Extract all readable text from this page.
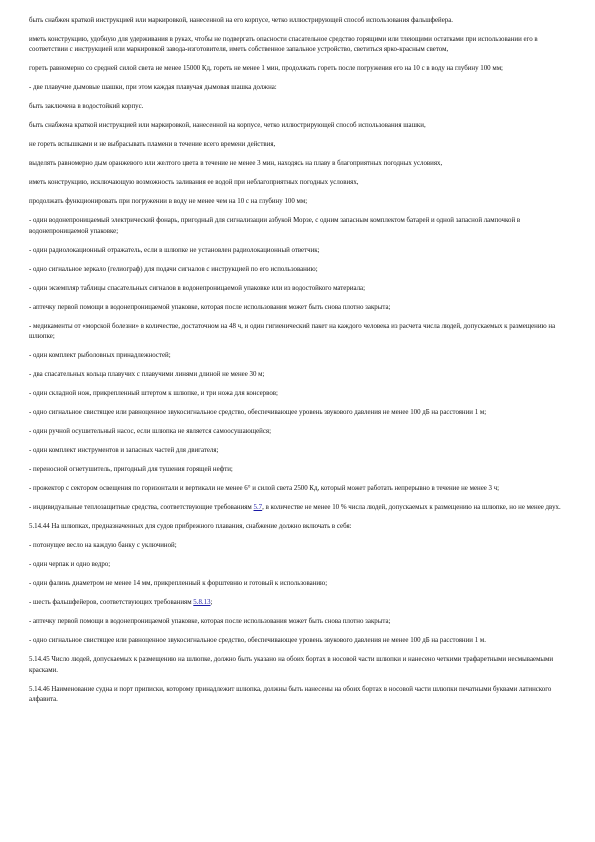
быть снабжен краткой инструкцией или маркировкой, нанесенной на его корпусе, четко иллюстрирующей способ использования фальшфейера.

иметь конструкцию, удобную для удерживания в руках, чтобы не подвергать опасности спасательное средство горящими или тлеющими остатками при использовании его в соответствии с инструкцией или маркировкой завода-изготовителя, иметь собственное запальное устройство, светиться ярко-красным светом,

гореть равномерно со средней силой света не менее 15000 Кд, гореть не менее 1 мин, продолжать гореть после погружения его на 10 с в воду на глубину 100 мм;

- две плавучие дымовые шашки, при этом каждая плавучая дымовая шашка должна:

быть заключена в водостойкий корпус.

быть снабжена краткой инструкцией или маркировкой, нанесенной на корпусе, четко иллюстрирующей способ использования шашки,

не гореть вспышками и не выбрасывать пламени в течение всего времени действия,

выделять равномерно дым оранжевого или желтого цвета в течение не менее 3 мин, находясь на плаву в благоприятных погодных условиях,

иметь конструкцию, исключающую возможность заливания ее водой при неблагоприятных погодных условиях,

продолжать функционировать при погружении в воду не менее чем на 10 с на глубину 100 мм;

- один водонепроницаемый электрический фонарь, пригодный для сигнализации азбукой Морзе, с одним запасным комплектом батарей и одной запасной лампочкой в водонепроницаемой упаковке;

- один радиолокационный отражатель, если в шлюпке не установлен радиолокационный ответчик;

- одно сигнальное зеркало (гелиограф) для подачи сигналов с инструкцией по его использованию;

- один экземпляр таблицы спасательных сигналов в водонепроницаемой упаковке или из водостойкого материала;

- аптечку первой помощи в водонепроницаемой упаковке, которая после использования может быть снова плотно закрыта;

- медикаменты от «морской болезни» в количестве, достаточном на 48 ч, и один гигиенический пакет на каждого человека из расчета числа людей, допускаемых к размещению на шлюпке;

- один комплект рыболовных принадлежностей;

- два спасательных кольца плавучих с плавучими линями длиной не менее 30 м;

- один складной нож, прикрепленный штертом к шлюпке, и три ножа для консервов;

- одно сигнальное свистящее или равноценное звукосигнальное средство, обеспечивающее уровень звукового давления не менее 100 дБ на расстоянии 1 м;

- один ручной осушительный насос, если шлюпка не является самоосушающейся;

- один комплект инструментов и запасных частей для двигателя;

- переносной огнетушитель, пригодный для тушения горящей нефти;

- прожектор с сектором освещения по горизонтали и вертикали не менее 6° и силой света 2500 Кд, который может работать непрерывно в течение не менее 3 ч;

- индивидуальные теплозащитные средства, соответствующие требованиям 5.7, в количестве не менее 10 % числа людей, допускаемых к размещению на шлюпке, но не менее двух.

5.14.44 На шлюпках, предназначенных для судов прибрежного плавания, снабжение должно включать в себя:

- потонущее весло на каждую банку с уключиной;

- один черпак и одно ведро;

- один фалинь диаметром не менее 14 мм, прикрепленный к форштевню и готовый к использованию;

- шесть фальшфейеров, соответствующих требованиям 5.8.13;

- аптечку первой помощи в водонепроницаемой упаковке, которая после использования может быть снова плотно закрыта;

- одно сигнальное свистящее или равноценное звукосигнальное средство, обеспечивающее уровень звукового давления не менее 100 дБ на расстоянии 1 м.

5.14.45 Число людей, допускаемых к размещению на шлюпке, должно быть указано на обоих бортах в носовой части шлюпки и нанесено четкими трафаретными несмываемыми красками.

5.14.46 Наименование судна и порт приписки, которому принадлежит шлюпка, должны быть нанесены на обоих бортах в носовой части шлюпки печатными буквами латинского алфавита.
